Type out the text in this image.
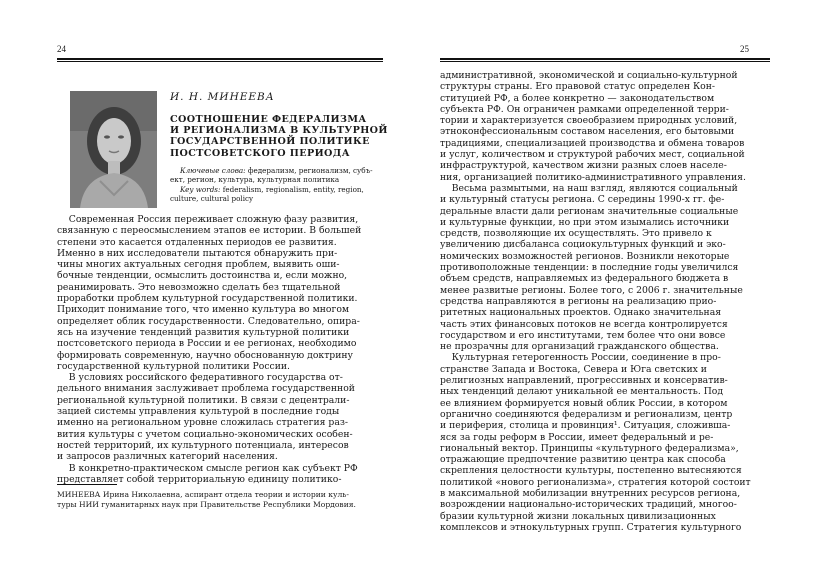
24
И. Н. МИНЕЕВА
СООТНОШЕНИЕ ФЕДЕРАЛИЗМА
И РЕГИОНАЛИЗМА В КУЛЬТУРНОЙ
ГОСУДАРСТВЕННОЙ ПОЛИТИКЕ
ПОСТСОВЕТСКОГО ПЕРИОДА
Ключевые слова: федерализм, регионализм, субъ-
ект, регион, культура, культурная политика
Key words: federalism, regionalism, entity, region,
culture, cultural policy
Современная Россия переживает сложную фазу развития,
связанную с переосмыслением этапов ее истории. В большей
степени это касается отдаленных периодов ее развития.
Именно в них исследователи пытаются обнаружить при-
чины многих актуальных сегодня проблем, выявить оши-
бочные тенденции, осмыслить достоинства и, если можно,
реанимировать. Это невозможно сделать без тщательной
проработки проблем культурной государственной политики.
Приходит понимание того, что именно культура во многом
определяет облик государственности. Следовательно, опира-
ясь на изучение тенденций развития культурной политики
постсоветского периода в России и ее регионах, необходимо
формировать современную, научно обоснованную доктрину
государственной культурной политики России.
В условиях российского федеративного государства от-
дельного внимания заслуживает проблема государственной
региональной культурной политики. В связи с децентрали-
зацией системы управления культурой в последние годы
именно на региональном уровне сложилась стратегия раз-
вития культуры с учетом социально-экономических особен-
ностей территорий, их культурного потенциала, интересов
и запросов различных категорий населения.
В конкретно-практическом смысле регион как субъект РФ
представляет собой территориальную единицу политико-
МИНЕЕВА Ирина Николаевна, аспирант отдела теории и истории куль-
туры НИИ гуманитарных наук при Правительстве Республики Мордовия.
25
административной, экономической и социально-культурной
структуры страны. Его правовой статус определен Кон-
ституцией РФ, а более конкретно — законодательством
субъекта РФ. Он ограничен рамками определенной терри-
тории и характеризуется своеобразием природных условий,
этноконфессиональным составом населения, его бытовыми
традициями, специализацией производства и обмена товаров
и услуг, количеством и структурой рабочих мест, социальной
инфраструктурой, качеством жизни разных слоев населе-
ния, организацией политико-административного управления.
Весьма размытыми, на наш взгляд, являются социальный
и культурный статусы региона. С середины 1990-х гг. фе-
деральные власти дали регионам значительные социальные
и культурные функции, но при этом изымались источники
средств, позволяющие их осуществлять. Это привело к
увеличению дисбаланса социокультурных функций и эко-
номических возможностей регионов. Возникли некоторые
противоположные тенденции: в последние годы увеличился
объем средств, направляемых из федерального бюджета в
менее развитые регионы. Более того, с 2006 г. значительные
средства направляются в регионы на реализацию прио-
ритетных национальных проектов. Однако значительная
часть этих финансовых потоков не всегда контролируется
государством и его институтами, тем более что они вовсе
не прозрачны для организаций гражданского общества.
Культурная гетерогенность России, соединение в про-
странстве Запада и Востока, Севера и Юга светских и
религиозных направлений, прогрессивных и консерватив-
ных тенденций делают уникальной ее ментальность. Под
ее влиянием формируется новый облик России, в котором
органично соединяются федерализм и регионализм, центр
и периферия, столица и провинция¹. Ситуация, сложивша-
яся за годы реформ в России, имеет федеральный и ре-
гиональный вектор. Принципы «культурного федерализма»,
отражающие предпочтение развитию центра как способа
скрепления целостности культуры, постепенно вытесняются
политикой «нового регионализма», стратегия которой состоит
в максимальной мобилизации внутренних ресурсов региона,
возрождении национально-исторических традиций, многоо-
бразии культурной жизни локальных цивилизационных
комплексов и этнокультурных групп. Стратегия культурного
